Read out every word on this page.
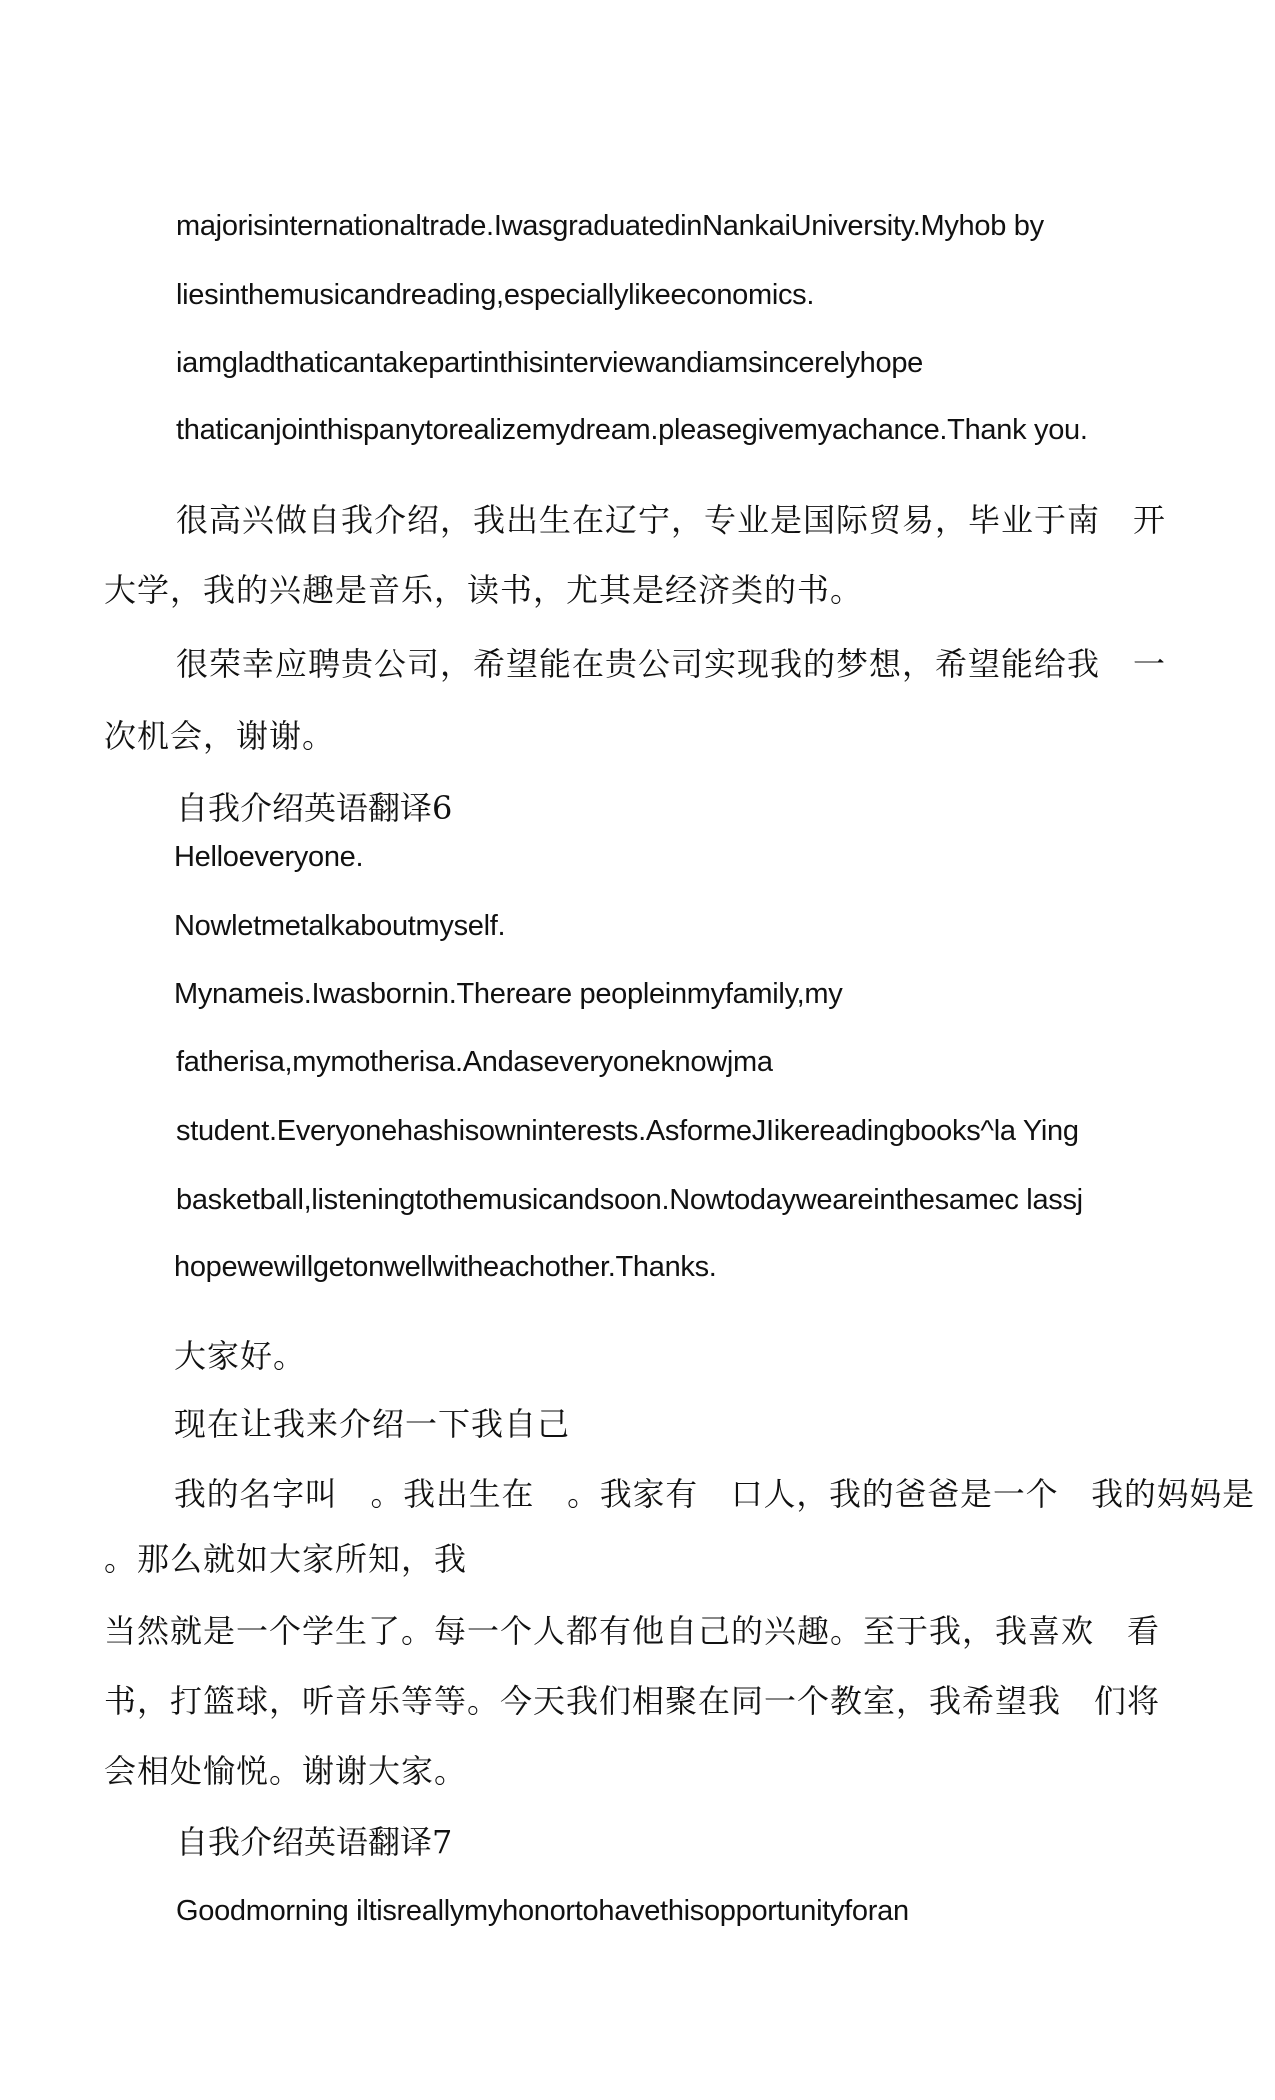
majorisinternationaltrade.IwasgraduatedinNankaiUniversity.Myhob by
liesinthemusicandreading,especiallylikeeconomics.
iamgladthaticantakepartinthisinterviewandiamsincerelyhope
thaticanjointhispanytorealizemydream.pleasegivemyachance.Thank you.
很高兴做自我介绍，我出生在辽宁，专业是国际贸易，毕业于南　开
大学，我的兴趣是音乐，读书，尤其是经济类的书。
很荣幸应聘贵公司，希望能在贵公司实现我的梦想，希望能给我　一
次机会，谢谢。
自我介绍英语翻译6
Helloeveryone.
Nowletmetalkaboutmyself.
Mynameis.Iwasbornin.Thereare peopleinmyfamily,my
fatherisa,mymotherisa.Andaseveryoneknowjma
student.Everyonehashisowninterests.AsformeJIikereadingbooks^la Ying
basketball,listeningtothemusicandsoon.Nowtodayweareinthesamec lassj
hopewewillgetonwellwitheachother.Thanks.
大家好。
现在让我来介绍一下我自己
我的名字叫　。我出生在　。我家有　口人，我的爸爸是一个　我的妈妈是
。那么就如大家所知，我
当然就是一个学生了。每一个人都有他自己的兴趣。至于我，我喜欢　看
书，打篮球，听音乐等等。今天我们相聚在同一个教室，我希望我　们将
会相处愉悦。谢谢大家。
自我介绍英语翻译7
Goodmorning iltisreallymyhonortohavethisopportunityforan
